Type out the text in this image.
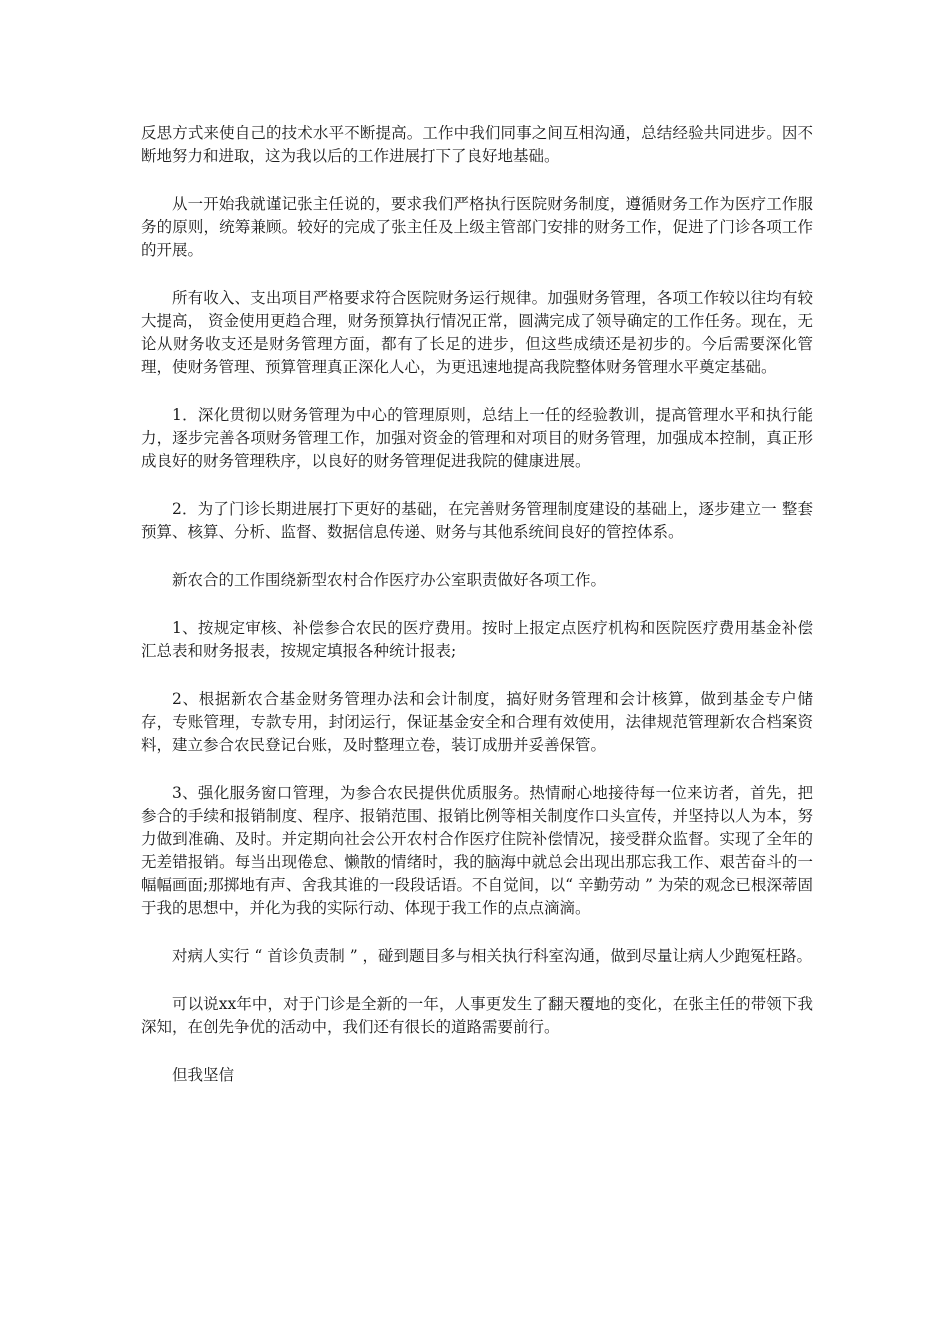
反思方式来使自己的技术水平不断提高。工作中我们同事之间互相沟通，总结经验共同进步。因不断地努力和进取，这为我以后的工作进展打下了良好地基础。

从一开始我就谨记张主任说的，要求我们严格执行医院财务制度，遵循财务工作为医疗工作服务的原则，统筹兼顾。较好的完成了张主任及上级主管部门安排的财务工作，促进了门诊各项工作的开展。

所有收入、支出项目严格要求符合医院财务运行规律。加强财务管理，各项工作较以往均有较大提高， 资金使用更趋合理，财务预算执行情况正常，圆满完成了领导确定的工作任务。现在，无论从财务收支还是财务管理方面，都有了长足的进步，但这些成绩还是初步的。今后需要深化管理，使财务管理、预算管理真正深化人心，为更迅速地提高我院整体财务管理水平奠定基础。

1．深化贯彻以财务管理为中心的管理原则，总结上一任的经验教训，提高管理水平和执行能力，逐步完善各项财务管理工作，加强对资金的管理和对项目的财务管理，加强成本控制，真正形成良好的财务管理秩序，以良好的财务管理促进我院的健康进展。

2．为了门诊长期进展打下更好的基础，在完善财务管理制度建设的基础上，逐步建立一 整套预算、核算、分析、监督、数据信息传递、财务与其他系统间良好的管控体系。

新农合的工作围绕新型农村合作医疗办公室职责做好各项工作。

1、按规定审核、补偿参合农民的医疗费用。按时上报定点医疗机构和医院医疗费用基金补偿汇总表和财务报表，按规定填报各种统计报表;

2、根据新农合基金财务管理办法和会计制度，搞好财务管理和会计核算，做到基金专户储存，专账管理，专款专用，封闭运行，保证基金安全和合理有效使用，法律规范管理新农合档案资料，建立参合农民登记台账，及时整理立卷，装订成册并妥善保管。

3、强化服务窗口管理，为参合农民提供优质服务。热情耐心地接待每一位来访者，首先，把参合的手续和报销制度、程序、报销范围、报销比例等相关制度作口头宣传，并坚持以人为本，努力做到准确、及时。并定期向社会公开农村合作医疗住院补偿情况，接受群众监督。实现了全年的无差错报销。每当出现倦怠、懒散的情绪时，我的脑海中就总会出现出那忘我工作、艰苦奋斗的一幅幅画面;那掷地有声、舍我其谁的一段段话语。不自觉间，以“ 辛勤劳动 ” 为荣的观念已根深蒂固于我的思想中，并化为我的实际行动、体现于我工作的点点滴滴。

对病人实行 “ 首诊负责制 ” ，碰到题目多与相关执行科室沟通，做到尽量让病人少跑冤枉路。

可以说xx年中，对于门诊是全新的一年，人事更发生了翻天覆地的变化，在张主任的带领下我深知，在创先争优的活动中，我们还有很长的道路需要前行。

但我坚信
